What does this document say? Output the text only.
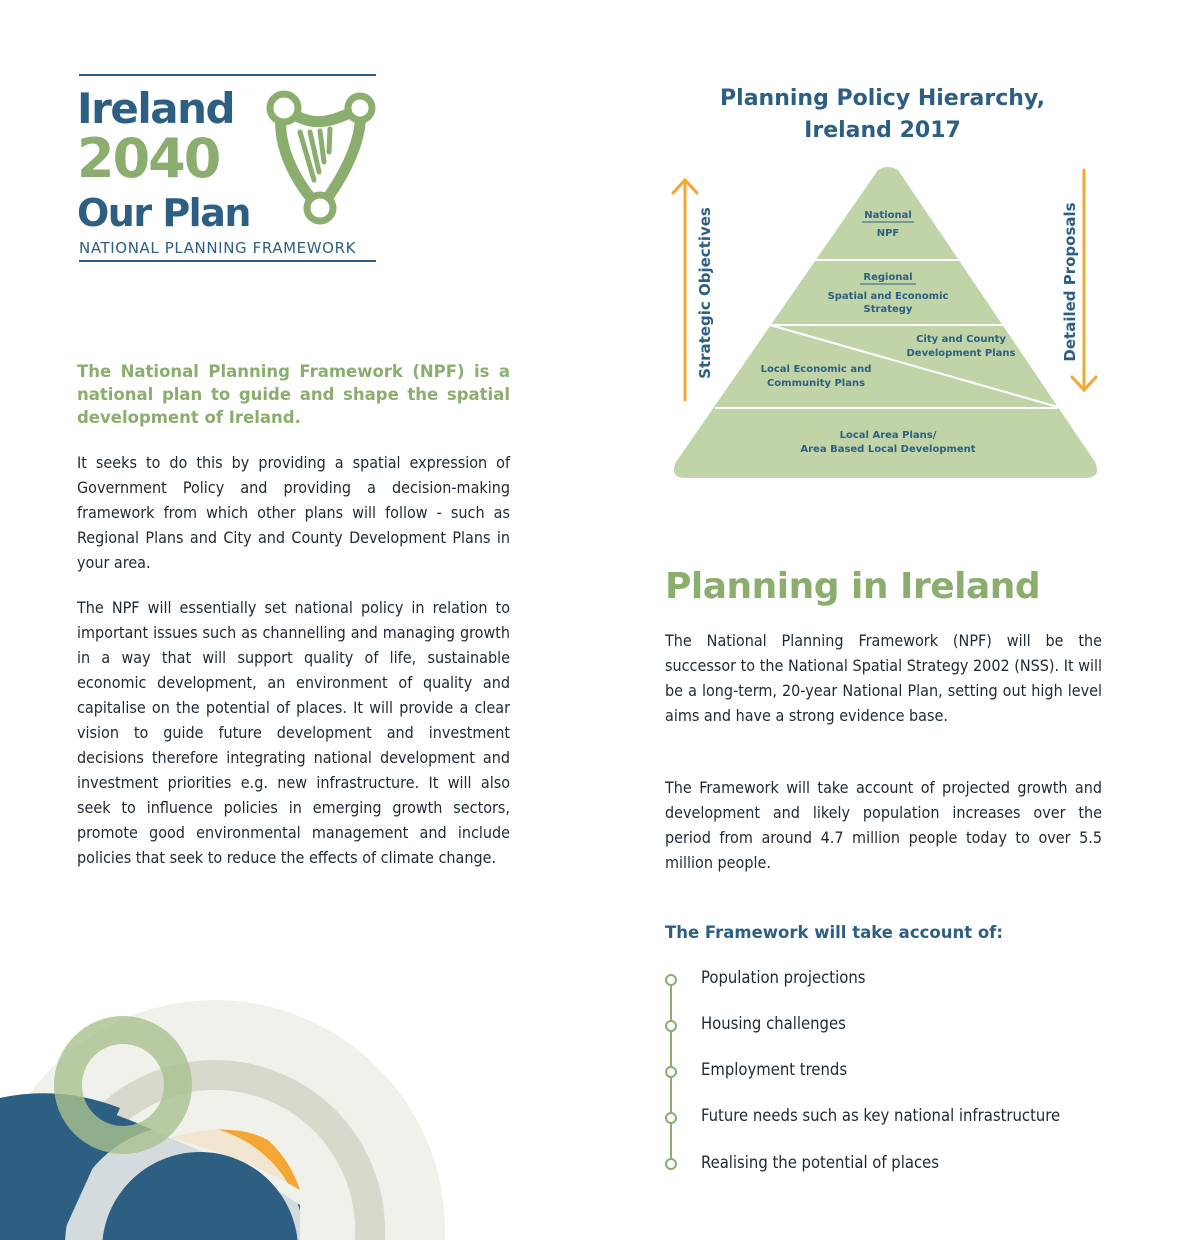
Ireland

2040

Our Plan

NATIONAL PLANNING FRAMEWORK

The National Planning Framework (NPF) is a national plan to guide and shape the spatial development of Ireland.

It seeks to do this by providing a spatial expression of Government Policy and providing a decision-making framework from which other plans will follow - such as Regional Plans and City and County Development Plans in your area.

The NPF will essentially set national policy in relation to important issues such as channelling and managing growth in a way that will support quality of life, sustainable economic development, an environment of quality and capitalise on the potential of places. It will provide a clear vision to guide future development and investment decisions therefore integrating national development and investment priorities e.g. new infrastructure. It will also seek to influence policies in emerging growth sectors, promote good environmental management and include policies that seek to reduce the effects of climate change.

Planning Policy Hierarchy,
Ireland 2017

Strategic Objectives	Detailed Proposals
National
NPF
Regional
Spatial and Economic
Strategy
City and County
Development Plans
Local Economic and
Community Plans
Local Area Plans/
Area Based Local Development
Planning in Ireland

The National Planning Framework (NPF) will be the successor to the National Spatial Strategy 2002 (NSS). It will be a long-term, 20-year National Plan, setting out high level aims and have a strong evidence base.

The Framework will take account of projected growth and development and likely population increases over the period from around 4.7 million people today to over 5.5 million people.

The Framework will take account of:

Population projections

Housing challenges

Employment trends

Future needs such as key national infrastructure

Realising the potential of places
